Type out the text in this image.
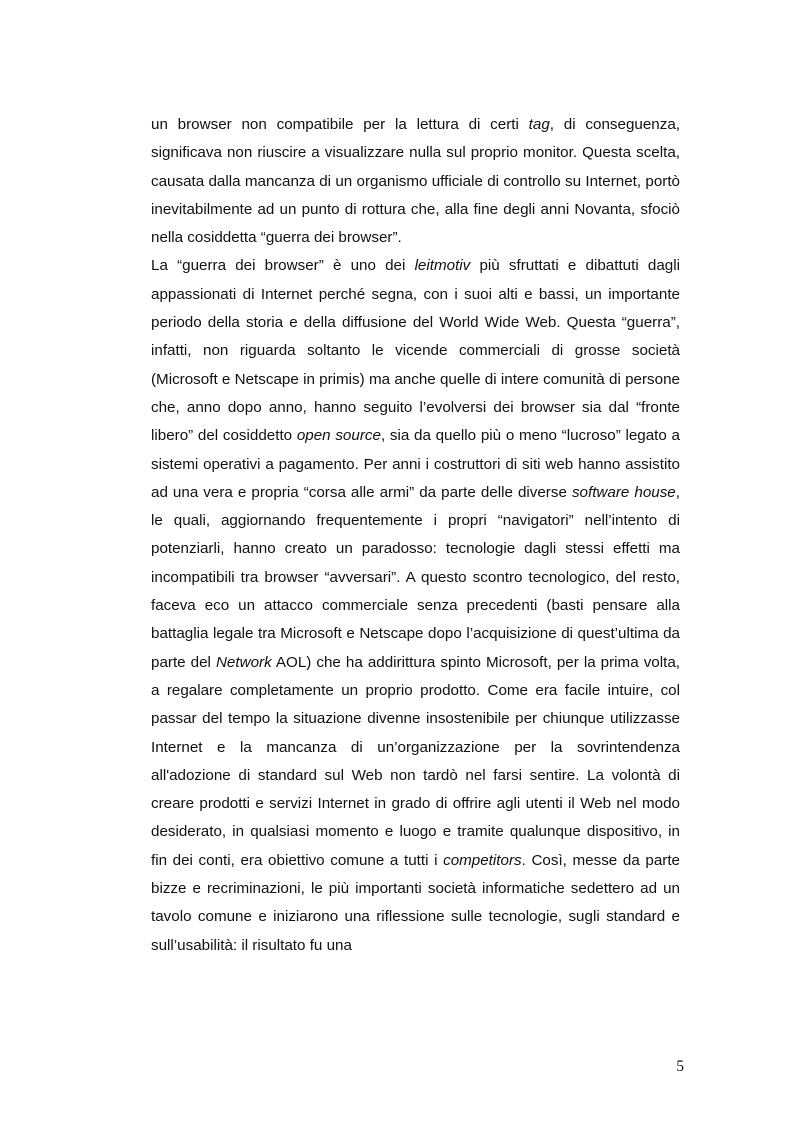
un browser non compatibile per la lettura di certi tag, di conseguenza, significava non riuscire a visualizzare nulla sul proprio monitor. Questa scelta, causata dalla mancanza di un organismo ufficiale di controllo su Internet, portò inevitabilmente ad un punto di rottura che, alla fine degli anni Novanta, sfociò nella cosiddetta “guerra dei browser”.

La “guerra dei browser” è uno dei leitmotiv più sfruttati e dibattuti dagli appassionati di Internet perché segna, con i suoi alti e bassi, un importante periodo della storia e della diffusione del World Wide Web. Questa “guerra”, infatti, non riguarda soltanto le vicende commerciali di grosse società (Microsoft e Netscape in primis) ma anche quelle di intere comunità di persone che, anno dopo anno, hanno seguito l’evolversi dei browser sia dal “fronte libero” del cosiddetto open source, sia da quello più o meno “lucroso” legato a sistemi operativi a pagamento. Per anni i costruttori di siti web hanno assistito ad una vera e propria “corsa alle armi” da parte delle diverse software house, le quali, aggiornando frequentemente i propri “navigatori” nell’intento di potenziarli, hanno creato un paradosso: tecnologie dagli stessi effetti ma incompatibili tra browser “avversari”. A questo scontro tecnologico, del resto, faceva eco un attacco commerciale senza precedenti (basti pensare alla battaglia legale tra Microsoft e Netscape dopo l’acquisizione di quest’ultima da parte del Network AOL) che ha addirittura spinto Microsoft, per la prima volta, a regalare completamente un proprio prodotto. Come era facile intuire, col passar del tempo la situazione divenne insostenibile per chiunque utilizzasse Internet e la mancanza di un’organizzazione per la sovrintendenza all'adozione di standard sul Web non tardò nel farsi sentire. La volontà di creare prodotti e servizi Internet in grado di offrire agli utenti il Web nel modo desiderato, in qualsiasi momento e luogo e tramite qualunque dispositivo, in fin dei conti, era obiettivo comune a tutti i competitors. Così, messe da parte bizze e recriminazioni, le più importanti società informatiche sedettero ad un tavolo comune e iniziarono una riflessione sulle tecnologie, sugli standard e sull’usabilità: il risultato fu una

5
